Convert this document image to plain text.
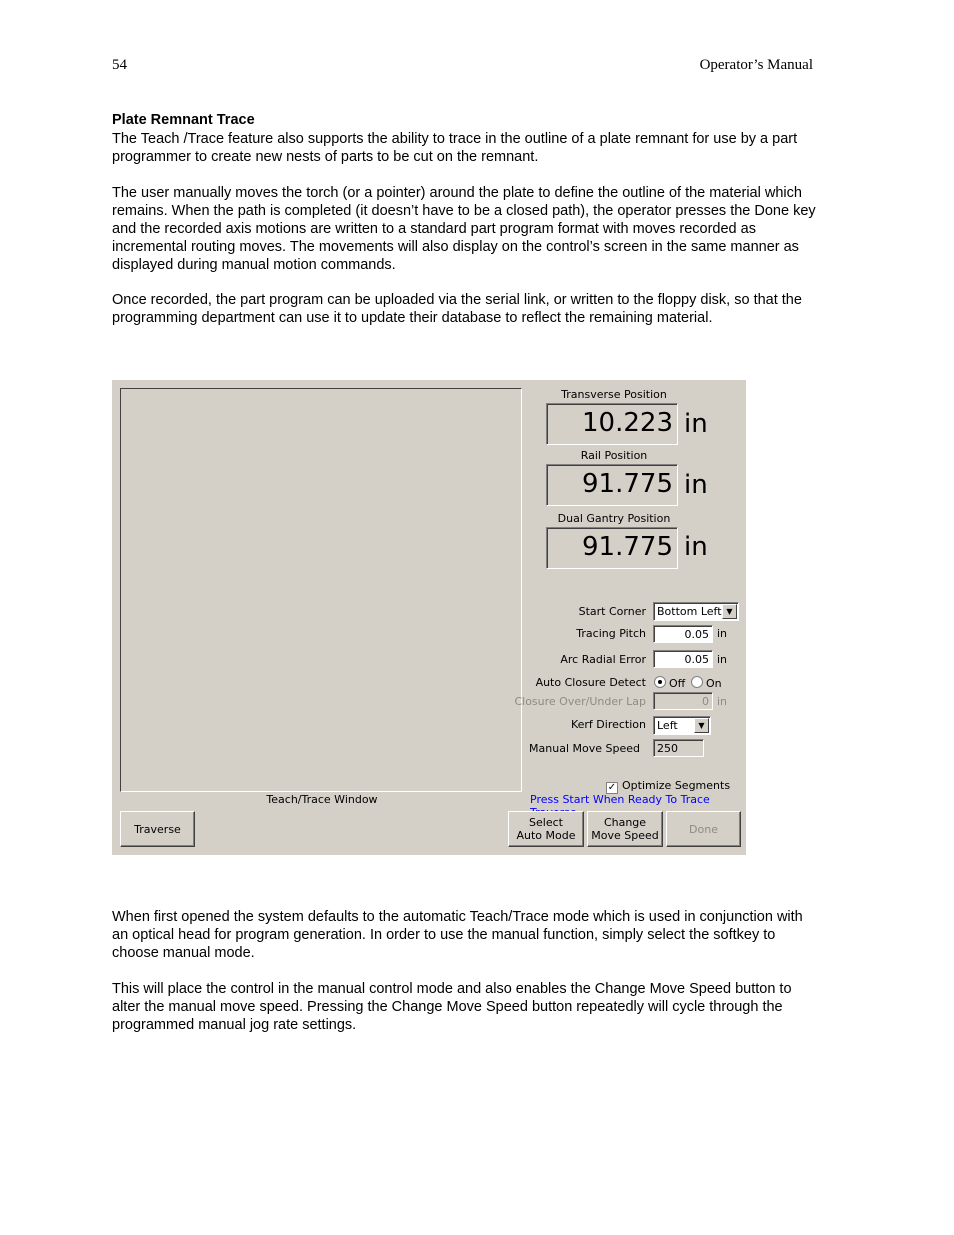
54	Operator’s Manual
Plate Remnant Trace

The Teach /Trace feature also supports the ability to trace in the outline of a plate remnant for use by a part programmer to create new nests of parts to be cut on the remnant.

The user manually moves the torch (or a pointer) around the plate to define the outline of the material which remains. When the path is completed (it doesn’t have to be a closed path), the operator presses the Done key and the recorded axis motions are written to a standard part program format with moves recorded as incremental routing moves. The movements will also display on the control’s screen in the same manner as displayed during manual motion commands.

Once recorded, the part program can be uploaded via the serial link, or written to the floppy disk, so that the programming department can use it to update their database to reflect the remaining material.

Teach/Trace Window
Transverse Position
10.223 in
Rail Position
91.775 in
Dual Gantry Position
91.775 in
Start Corner Bottom Left ▼
Tracing Pitch	0.05 in
Arc Radial Error	0.05 in
Auto Closure Detect	Off	On
Closure Over/Under Lap	0 in
Kerf Direction Left	▼
Manual Move Speed	250
✓ Optimize Segments
Press Start When Ready To Trace
Traverse	Select
Auto Mode
Change
Move Speed	Done

When first opened the system defaults to the automatic Teach/Trace mode which is used in conjunction with an optical head for program generation. In order to use the manual function, simply select the softkey to choose manual mode.

This will place the control in the manual control mode and also enables the Change Move Speed button to alter the manual move speed. Pressing the Change Move Speed button repeatedly will cycle through the programmed manual jog rate settings.
